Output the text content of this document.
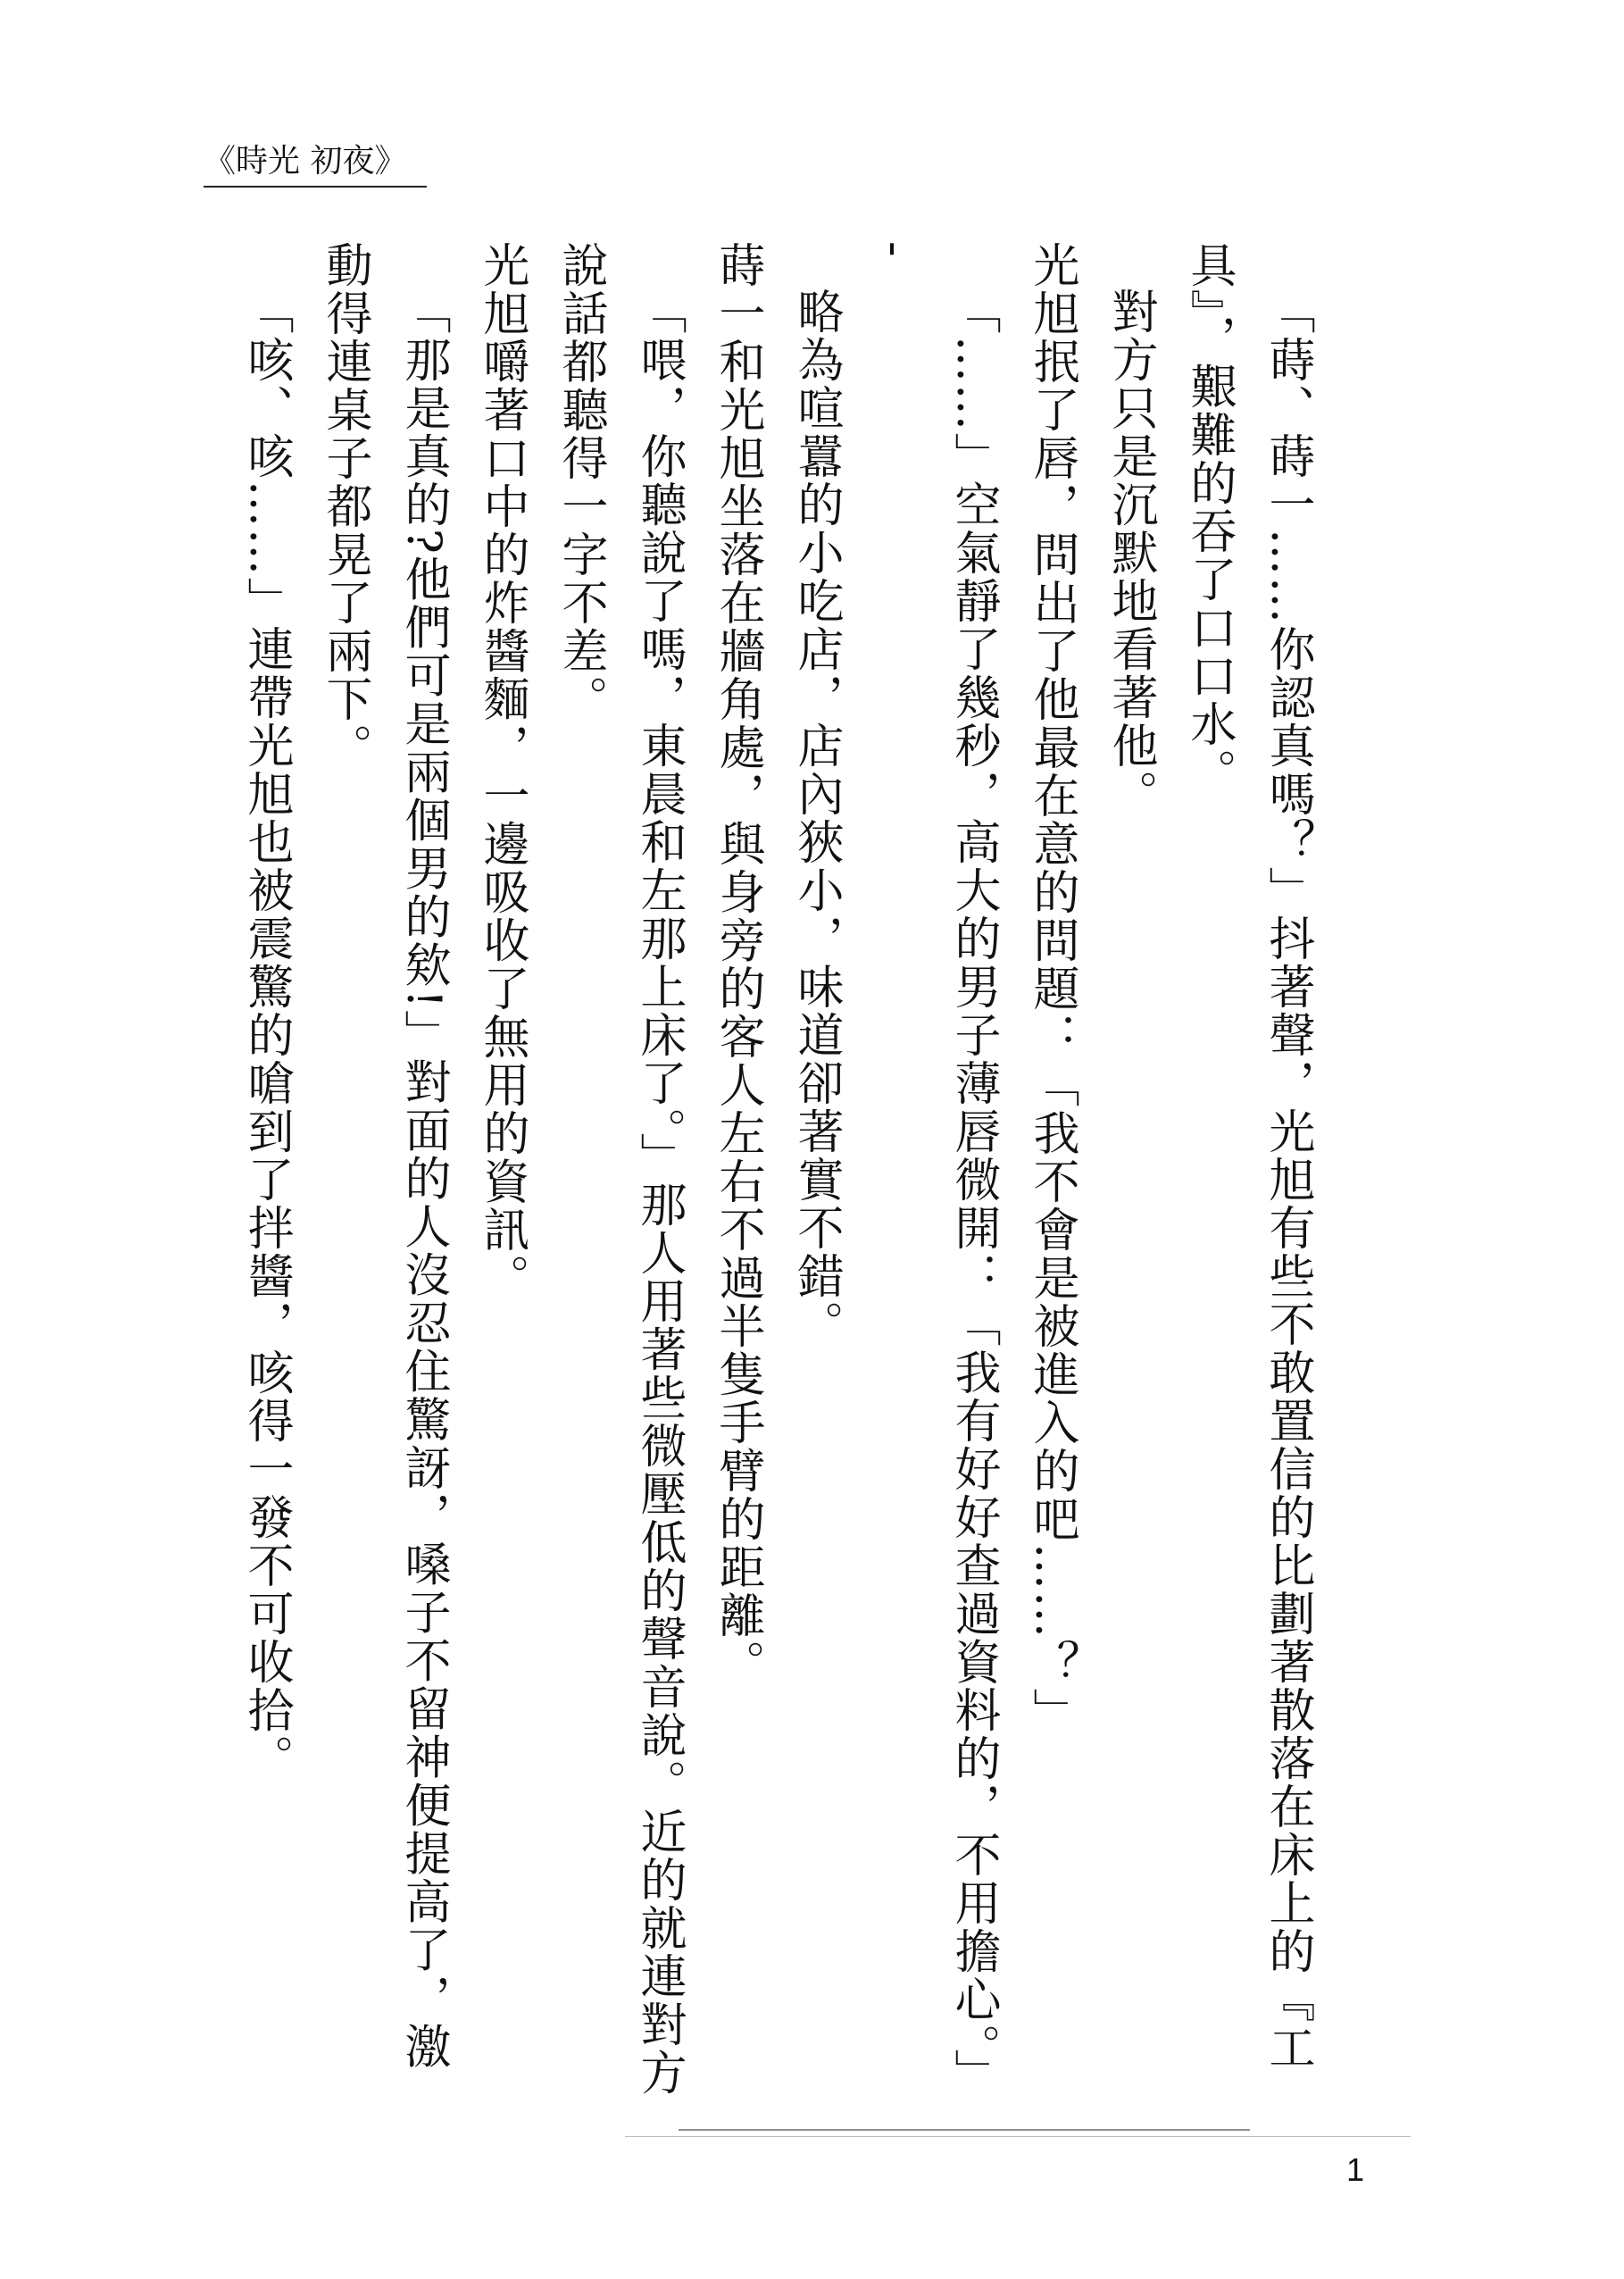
《時光 初夜》

「蒔、蒔一……你認真嗎？」抖著聲，光旭有些不敢置信的比劃著散落在床上的『工具』，艱難的吞了口口水。

對方只是沉默地看著他。

光旭抿了唇，問出了他最在意的問題：「我不會是被進入的吧……？」

「……」空氣靜了幾秒，高大的男子薄唇微開：「我有好好查過資料的，不用擔心。」

-

略為喧囂的小吃店，店內狹小，味道卻著實不錯。

蒔一和光旭坐落在牆角處，與身旁的客人左右不過半隻手臂的距離。

「喂，你聽說了嗎，東晨和左那上床了。」那人用著些微壓低的聲音說。近的就連對方說話都聽得一字不差。

光旭嚼著口中的炸醬麵，一邊吸收了無用的資訊。

「那是真的?他們可是兩個男的欸!」對面的人沒忍住驚訝，嗓子不留神便提高了，激動得連桌子都晃了兩下。

「咳、咳……」連帶光旭也被震驚的嗆到了拌醬，咳得一發不可收拾。

1
